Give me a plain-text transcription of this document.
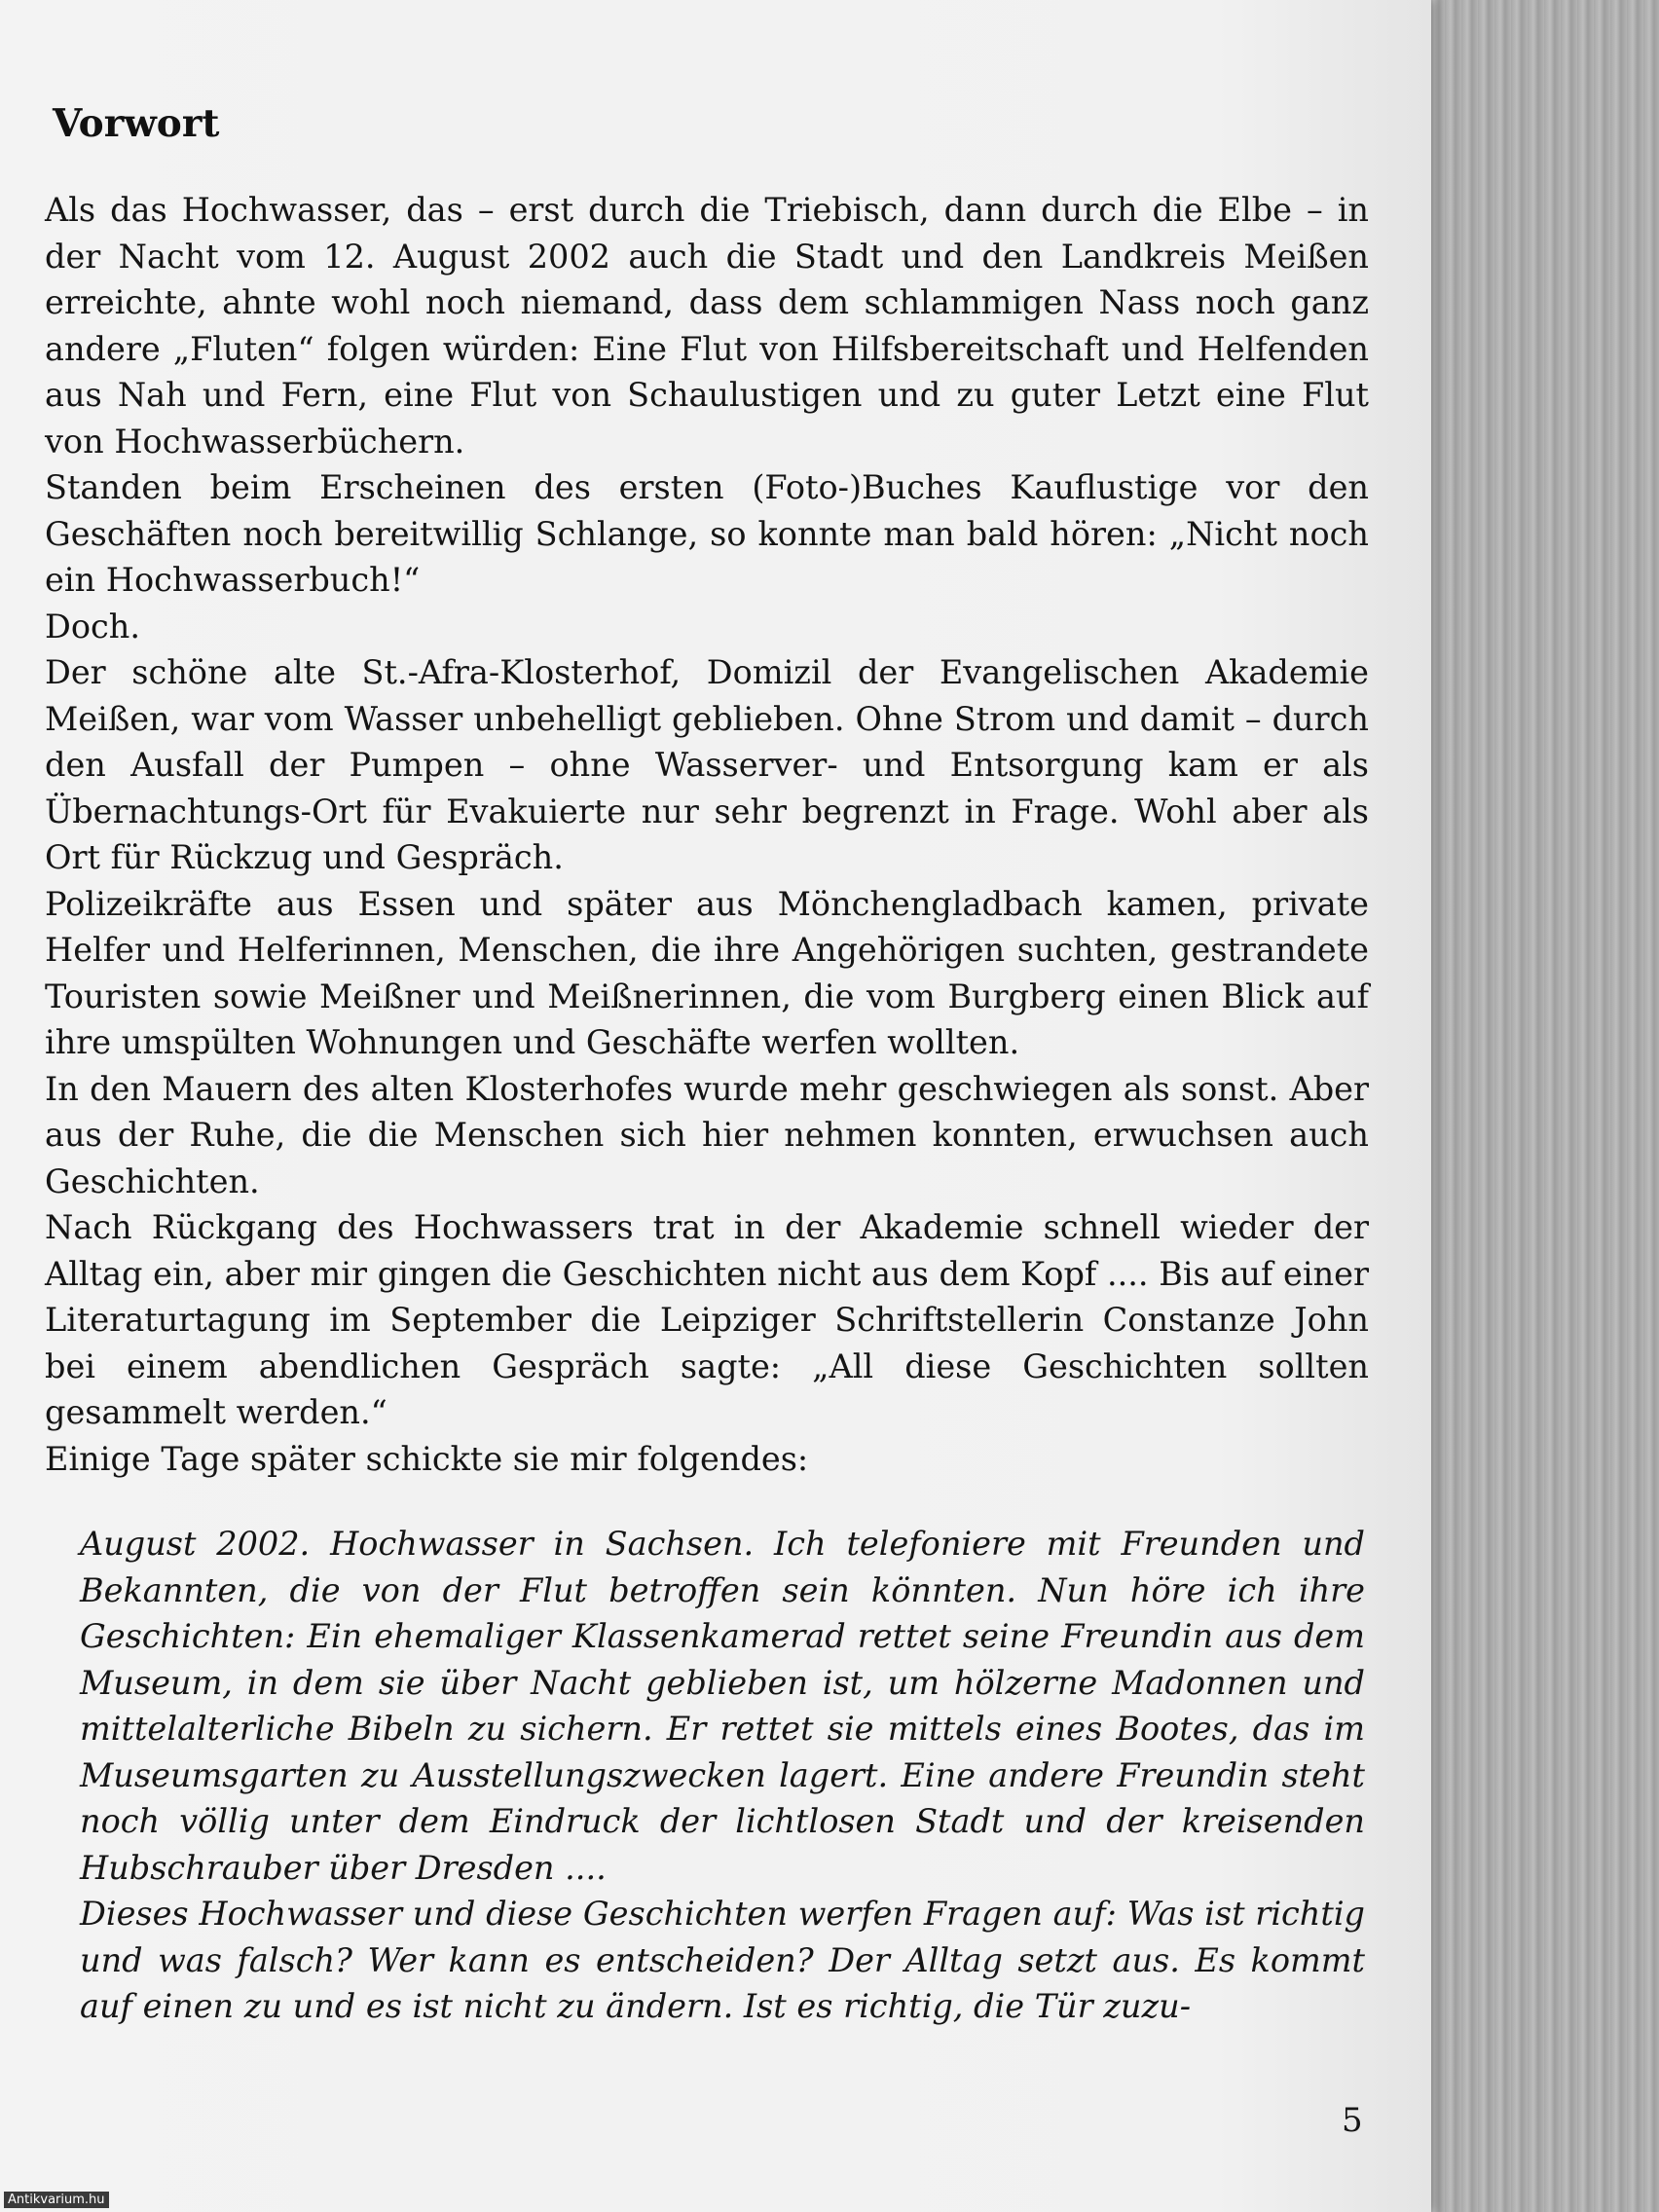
Vorwort

Als das Hochwasser, das – erst durch die Triebisch, dann durch die Elbe – in der Nacht vom 12. August 2002 auch die Stadt und den Landkreis Meißen erreichte, ahnte wohl noch niemand, dass dem schlammigen Nass noch ganz andere „Fluten“ folgen würden: Eine Flut von Hilfsbereitschaft und Helfenden aus Nah und Fern, eine Flut von Schaulustigen und zu guter Letzt eine Flut von Hochwasserbüchern.

Standen beim Erscheinen des ersten (Foto-)Buches Kauflustige vor den Geschäften noch bereitwillig Schlange, so konnte man bald hören: „Nicht noch ein Hochwasserbuch!“

Doch.

Der schöne alte St.-Afra-Klosterhof, Domizil der Evangelischen Akademie Meißen, war vom Wasser unbehelligt geblieben. Ohne Strom und damit – durch den Ausfall der Pumpen – ohne Wasserver- und Entsorgung kam er als Übernachtungs-Ort für Evakuierte nur sehr begrenzt in Frage. Wohl aber als Ort für Rückzug und Gespräch.

Polizeikräfte aus Essen und später aus Mönchengladbach kamen, private Helfer und Helferinnen, Menschen, die ihre Angehörigen suchten, gestrandete Touristen sowie Meißner und Meißnerinnen, die vom Burgberg einen Blick auf ihre umspülten Wohnungen und Geschäfte werfen wollten.

In den Mauern des alten Klosterhofes wurde mehr geschwiegen als sonst. Aber aus der Ruhe, die die Menschen sich hier nehmen konnten, erwuchsen auch Geschichten.

Nach Rückgang des Hochwassers trat in der Akademie schnell wieder der Alltag ein, aber mir gingen die Geschichten nicht aus dem Kopf .... Bis auf einer Literaturtagung im September die Leipziger Schriftstellerin Constanze John bei einem abendlichen Gespräch sagte: „All diese Geschichten sollten gesammelt werden.“

Einige Tage später schickte sie mir folgendes:

August 2002. Hochwasser in Sachsen. Ich telefoniere mit Freunden und Bekannten, die von der Flut betroffen sein könnten. Nun höre ich ihre Geschichten: Ein ehemaliger Klassenkamerad rettet seine Freundin aus dem Museum, in dem sie über Nacht geblieben ist, um hölzerne Madonnen und mittelalterliche Bibeln zu sichern. Er rettet sie mittels eines Bootes, das im Museumsgarten zu Ausstellungszwecken lagert. Eine andere Freundin steht noch völlig unter dem Eindruck der lichtlosen Stadt und der kreisenden Hubschrauber über Dresden ....

Dieses Hochwasser und diese Geschichten werfen Fragen auf: Was ist richtig und was falsch? Wer kann es entscheiden? Der Alltag setzt aus. Es kommt auf einen zu und es ist nicht zu ändern. Ist es richtig, die Tür zuzu-

5
Antikvarium.hu
